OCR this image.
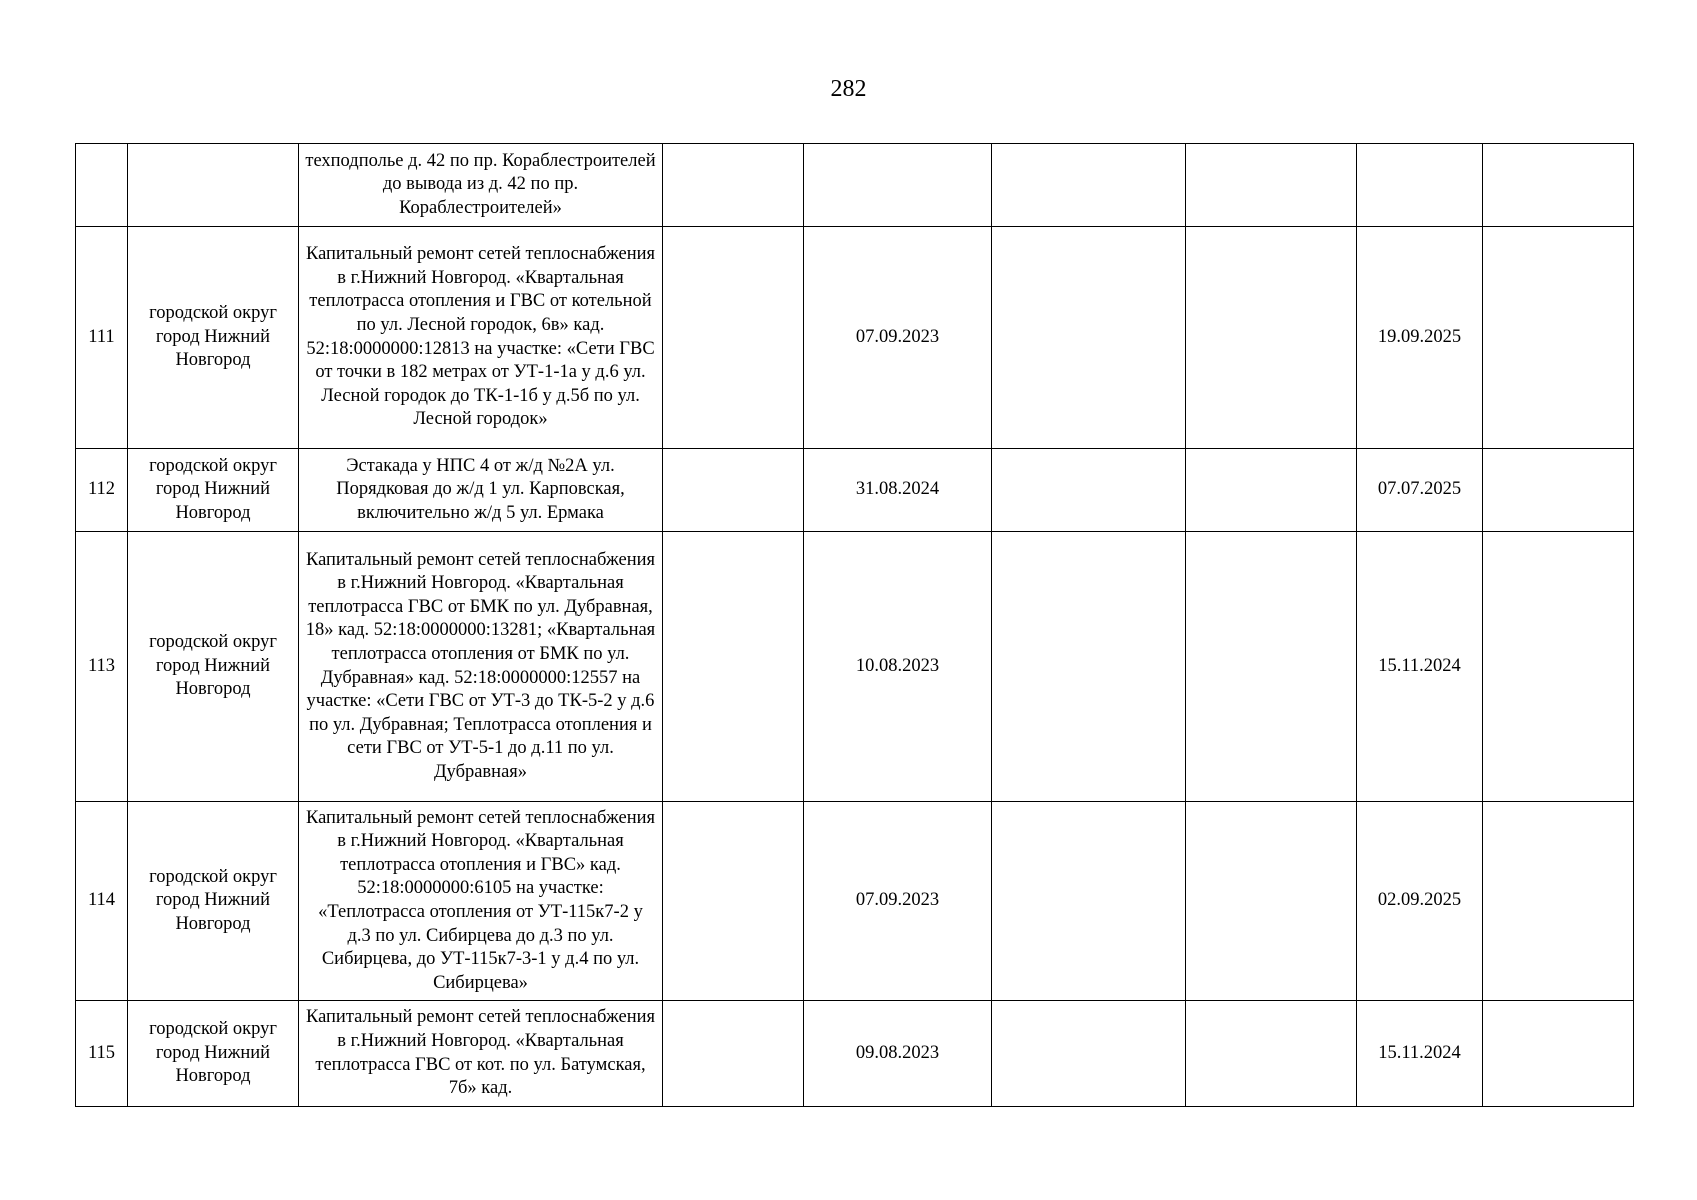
282
		техподполье д. 42 по пр. Кораблестроителей до вывода из д. 42 по пр. Кораблестроителей»						
111	городской округ город Нижний Новгород	Капитальный ремонт сетей теплоснабжения в г.Нижний Новгород. «Квартальная теплотрасса отопления и ГВС от котельной по ул. Лесной городок, 6в» кад. 52:18:0000000:12813 на участке: «Сети ГВС от точки в 182 метрах от УТ-1-1а у д.6 ул. Лесной городок до ТК-1-1б у д.5б по ул. Лесной городок»		07.09.2023			19.09.2025	
112	городской округ город Нижний Новгород	Эстакада у НПС 4 от ж/д №2А ул. Порядковая до ж/д 1 ул. Карповская, включительно ж/д 5 ул. Ермака		31.08.2024			07.07.2025	
113	городской округ город Нижний Новгород	Капитальный ремонт сетей теплоснабжения в г.Нижний Новгород. «Квартальная теплотрасса ГВС от БМК по ул. Дубравная, 18» кад. 52:18:0000000:13281; «Квартальная теплотрасса отопления от БМК по ул. Дубравная» кад. 52:18:0000000:12557 на участке: «Сети ГВС от УТ-3 до ТК-5-2 у д.6 по ул. Дубравная; Теплотрасса отопления и сети ГВС от УТ-5-1 до д.11 по ул. Дубравная»		10.08.2023			15.11.2024	
114	городской округ город Нижний Новгород	Капитальный ремонт сетей теплоснабжения в г.Нижний Новгород. «Квартальная теплотрасса отопления и ГВС» кад. 52:18:0000000:6105 на участке: «Теплотрасса отопления от УТ-115к7-2 у д.3 по ул. Сибирцева до д.3 по ул. Сибирцева, до УТ-115к7-3-1 у д.4 по ул. Сибирцева»		07.09.2023			02.09.2025	
115	городской округ город Нижний Новгород	Капитальный ремонт сетей теплоснабжения в г.Нижний Новгород. «Квартальная теплотрасса ГВС от кот. по ул. Батумская, 7б» кад.		09.08.2023			15.11.2024	
